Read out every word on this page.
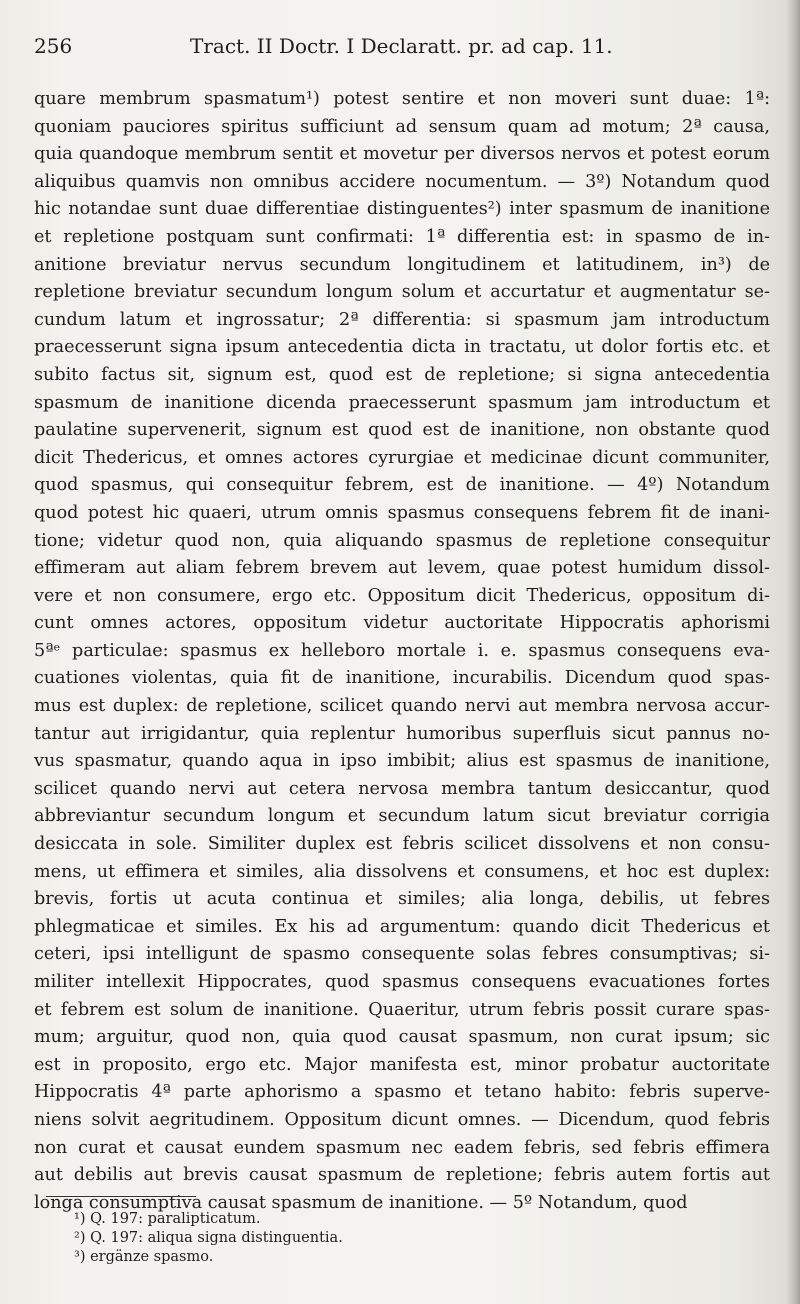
256	Tract. II Doctr. I Declaratt. pr. ad cap. 11.
quare membrum spasmatum¹) potest sentire et non moveri sunt duae: 1ª:
quoniam pauciores spiritus sufficiunt ad sensum quam ad motum; 2ª causa,
quia quandoque membrum sentit et movetur per diversos nervos et potest eorum
aliquibus quamvis non omnibus accidere nocumentum. — 3º) Notandum quod
hic notandae sunt duae differentiae distinguentes²) inter spasmum de inanitione
et repletione postquam sunt confirmati: 1ª differentia est: in spasmo de in-
anitione breviatur nervus secundum longitudinem et latitudinem, in³) de
repletione breviatur secundum longum solum et accurtatur et augmentatur se-
cundum latum et ingrossatur; 2ª differentia: si spasmum jam introductum
praecesserunt signa ipsum antecedentia dicta in tractatu, ut dolor fortis etc. et
subito factus sit, signum est, quod est de repletione; si signa antecedentia
spasmum de inanitione dicenda praecesserunt spasmum jam introductum et
paulatine supervenerit, signum est quod est de inanitione, non obstante quod
dicit Thedericus, et omnes actores cyrurgiae et medicinae dicunt communiter,
quod spasmus, qui consequitur febrem, est de inanitione. — 4º) Notandum
quod potest hic quaeri, utrum omnis spasmus consequens febrem fit de inani-
tione; videtur quod non, quia aliquando spasmus de repletione consequitur
effimeram aut aliam febrem brevem aut levem, quae potest humidum dissol-
vere et non consumere, ergo etc. Oppositum dicit Thedericus, oppositum di-
cunt omnes actores, oppositum videtur auctoritate Hippocratis aphorismi
5ªᵉ particulae: spasmus ex helleboro mortale i. e. spasmus consequens eva-
cuationes violentas, quia fit de inanitione, incurabilis. Dicendum quod spas-
mus est duplex: de repletione, scilicet quando nervi aut membra nervosa accur-
tantur aut irrigidantur, quia replentur humoribus superfluis sicut pannus no-
vus spasmatur, quando aqua in ipso imbibit; alius est spasmus de inanitione,
scilicet quando nervi aut cetera nervosa membra tantum desiccantur, quod
abbreviantur secundum longum et secundum latum sicut breviatur corrigia
desiccata in sole. Similiter duplex est febris scilicet dissolvens et non consu-
mens, ut effimera et similes, alia dissolvens et consumens, et hoc est duplex:
brevis, fortis ut acuta continua et similes; alia longa, debilis, ut febres
phlegmaticae et similes. Ex his ad argumentum: quando dicit Thedericus et
ceteri, ipsi intelligunt de spasmo consequente solas febres consumptivas; si-
militer intellexit Hippocrates, quod spasmus consequens evacuationes fortes
et febrem est solum de inanitione. Quaeritur, utrum febris possit curare spas-
mum; arguitur, quod non, quia quod causat spasmum, non curat ipsum; sic
est in proposito, ergo etc. Major manifesta est, minor probatur auctoritate
Hippocratis 4ª parte aphorismo a spasmo et tetano habito: febris superve-
niens solvit aegritudinem. Oppositum dicunt omnes. — Dicendum, quod febris
non curat et causat eundem spasmum nec eadem febris, sed febris effimera
aut debilis aut brevis causat spasmum de repletione; febris autem fortis aut
longa consumptiva causat spasmum de inanitione. — 5º Notandum, quod
¹) Q. 197: paralipticatum.
²) Q. 197: aliqua signa distinguentia.
³) ergänze spasmo.
